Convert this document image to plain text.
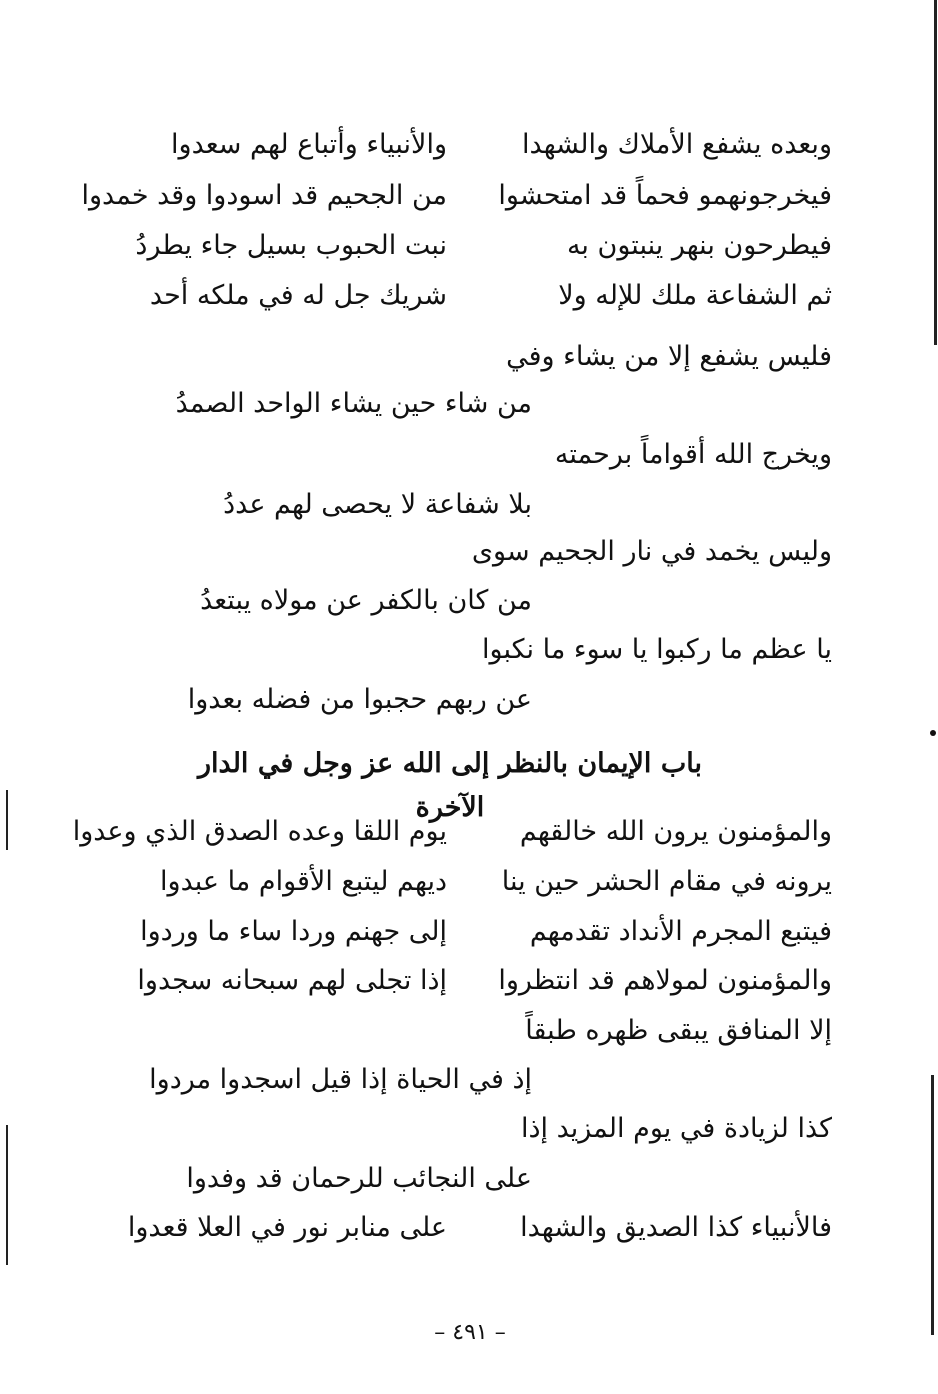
وبعده يشفع الأملاك والشهدا
والأنبياء وأتباع لهم سعدوا
فيخرجونهمو فحماً قد امتحشوا
من الجحيم قد اسودوا وقد خمدوا
فيطرحون بنهر ينبتون به
نبت الحبوب بسيل جاء يطردُ
ثم الشفاعة ملك للإله ولا
شريك جل له في ملكه أحد
فليس يشفع إلا من يشاء وفي
من شاء حين يشاء الواحد الصمدُ
ويخرج الله أقواماً برحمته
بلا شفاعة لا يحصى لهم عددُ
وليس يخمد في نار الجحيم سوى
من كان بالكفر عن مولاه يبتعدُ
يا عظم ما ركبوا يا سوء ما نكبوا
عن ربهم حجبوا من فضله بعدوا
باب الإيمان بالنظر إلى الله عز وجل في الدار الآخرة
والمؤمنون يرون الله خالقهم
يوم اللقا وعده الصدق الذي وعدوا
يرونه في مقام الحشر حين ينا
ديهم ليتبع الأقوام ما عبدوا
فيتبع المجرم الأنداد تقدمهم
إلى جهنم وردا ساء ما وردوا
والمؤمنون لمولاهم قد انتظروا
إذا تجلى لهم سبحانه سجدوا
إلا المنافق يبقى ظهره طبقاً
إذ في الحياة إذا قيل اسجدوا مردوا
كذا لزيادة في يوم المزيد إذا
على النجائب للرحمان قد وفدوا
فالأنبياء كذا الصديق والشهدا
على منابر نور في العلا قعدوا
– ٤٩١ –
